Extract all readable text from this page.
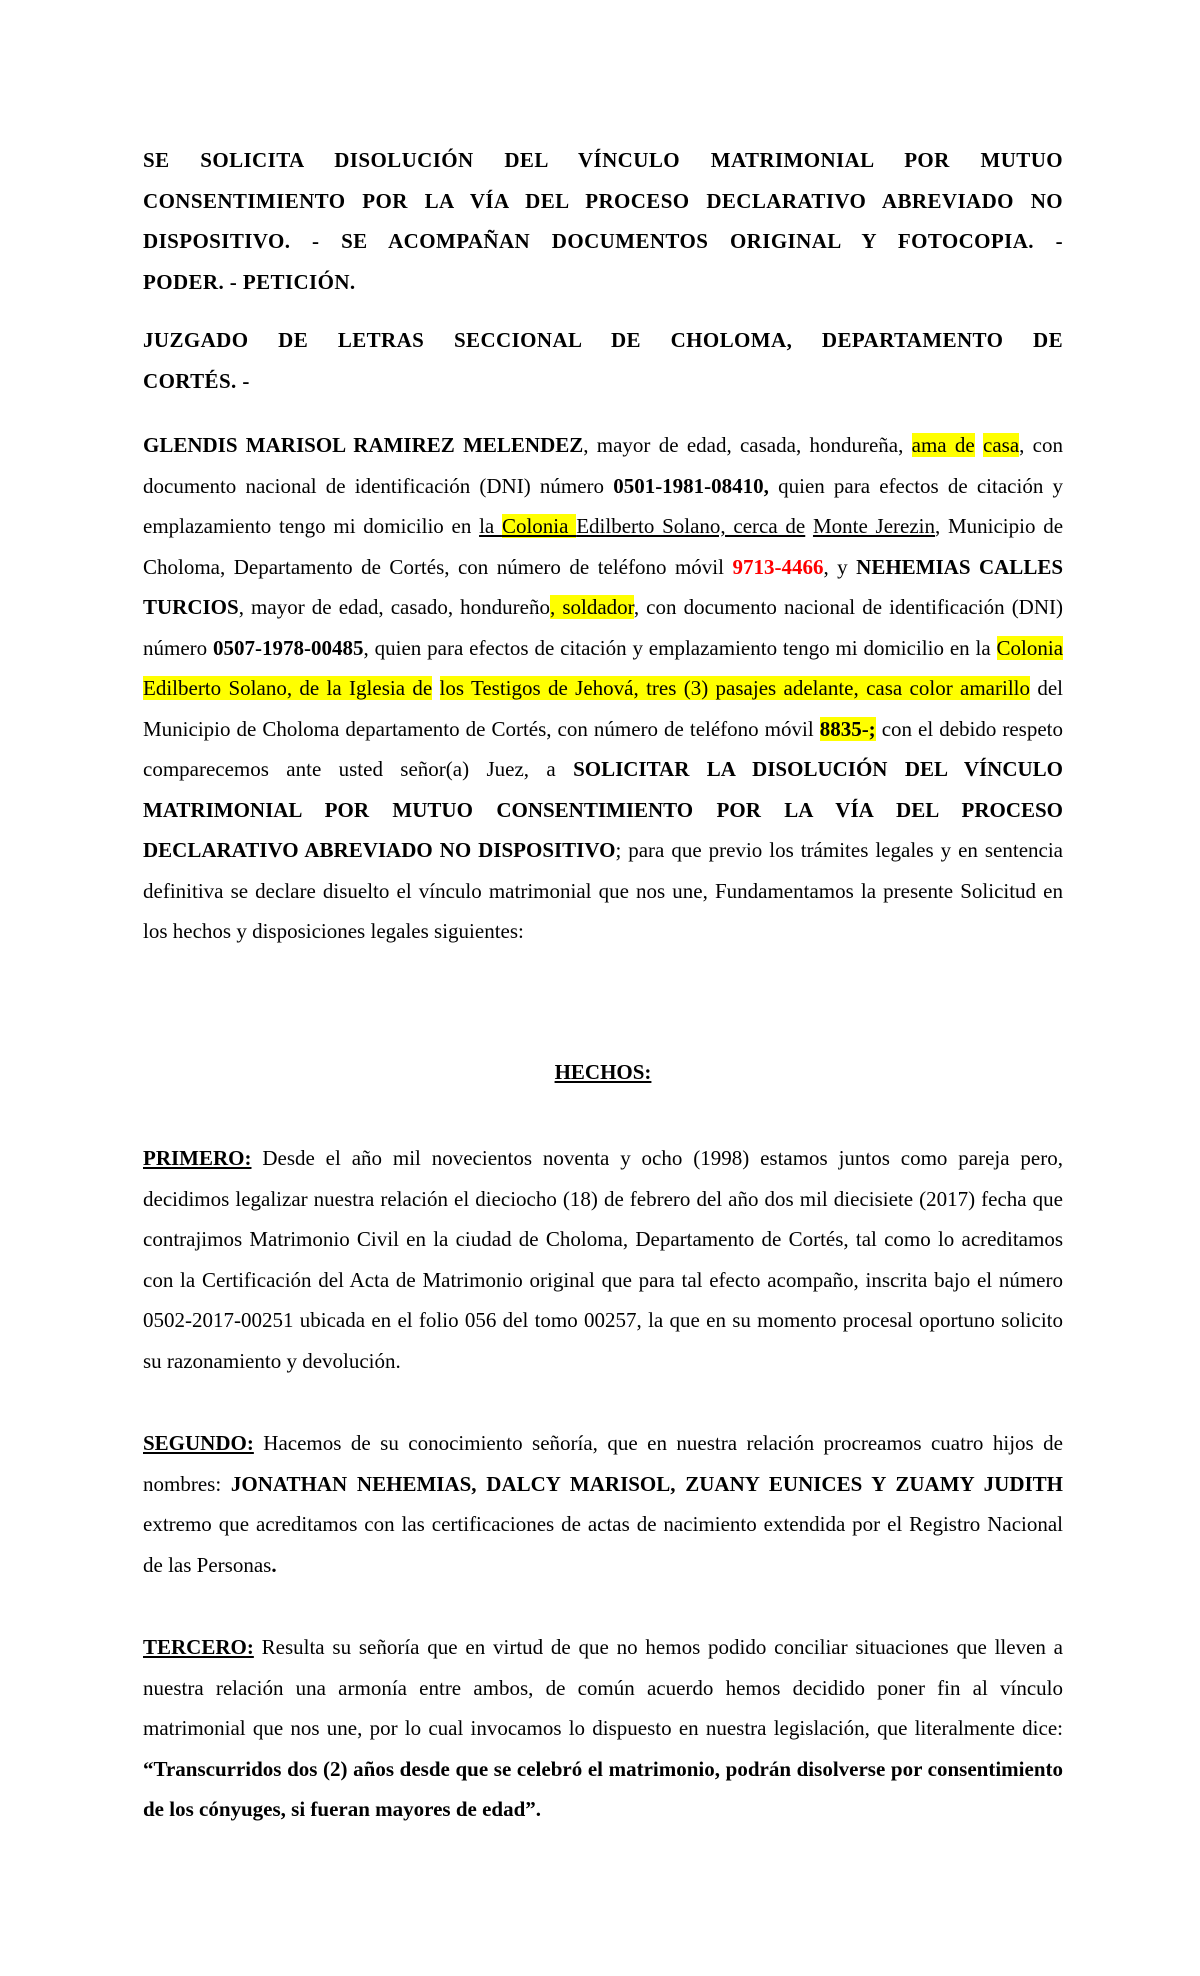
SE SOLICITA DISOLUCIÓN DEL VÍNCULO MATRIMONIAL POR MUTUO
CONSENTIMIENTO POR LA VÍA DEL PROCESO DECLARATIVO ABREVIADO NO
DISPOSITIVO. - SE ACOMPAÑAN DOCUMENTOS ORIGINAL Y FOTOCOPIA. -
PODER. - PETICIÓN.
JUZGADO DE LETRAS SECCIONAL DE CHOLOMA, DEPARTAMENTO DE
CORTÉS. -
GLENDIS MARISOL RAMIREZ MELENDEZ, mayor de edad, casada, hondureña, ama de casa, con documento nacional de identificación (DNI) número 0501-1981-08410, quien para efectos de citación y emplazamiento tengo mi domicilio en la Colonia Edilberto Solano, cerca de Monte Jerezin, Municipio de Choloma, Departamento de Cortés, con número de teléfono móvil 9713-4466, y NEHEMIAS CALLES TURCIOS, mayor de edad, casado, hondureño, soldador, con documento nacional de identificación (DNI) número 0507-1978-00485, quien para efectos de citación y emplazamiento tengo mi domicilio en la Colonia Edilberto Solano, de la Iglesia de los Testigos de Jehová, tres (3) pasajes adelante, casa color amarillo del Municipio de Choloma departamento de Cortés, con número de teléfono móvil 8835-; con el debido respeto comparecemos ante usted señor(a) Juez, a SOLICITAR LA DISOLUCIÓN DEL VÍNCULO MATRIMONIAL POR MUTUO CONSENTIMIENTO POR LA VÍA DEL PROCESO DECLARATIVO ABREVIADO NO DISPOSITIVO; para que previo los trámites legales y en sentencia definitiva se declare disuelto el vínculo matrimonial que nos une, Fundamentamos la presente Solicitud en los hechos y disposiciones legales siguientes:
HECHOS:
PRIMERO: Desde el año mil novecientos noventa y ocho (1998) estamos juntos como pareja pero, decidimos legalizar nuestra relación el dieciocho (18) de febrero del año dos mil diecisiete (2017) fecha que contrajimos Matrimonio Civil en la ciudad de Choloma, Departamento de Cortés, tal como lo acreditamos con la Certificación del Acta de Matrimonio original que para tal efecto acompaño, inscrita bajo el número 0502-2017-00251 ubicada en el folio 056 del tomo 00257, la que en su momento procesal oportuno solicito su razonamiento y devolución.
SEGUNDO: Hacemos de su conocimiento señoría, que en nuestra relación procreamos cuatro hijos de nombres: JONATHAN NEHEMIAS, DALCY MARISOL, ZUANY EUNICES Y ZUAMY JUDITH extremo que acreditamos con las certificaciones de actas de nacimiento extendida por el Registro Nacional de las Personas.
TERCERO: Resulta su señoría que en virtud de que no hemos podido conciliar situaciones que lleven a nuestra relación una armonía entre ambos, de común acuerdo hemos decidido poner fin al vínculo matrimonial que nos une, por lo cual invocamos lo dispuesto en nuestra legislación, que literalmente dice: “Transcurridos dos (2) años desde que se celebró el matrimonio, podrán disolverse por consentimiento de los cónyuges, si fueran mayores de edad”.
